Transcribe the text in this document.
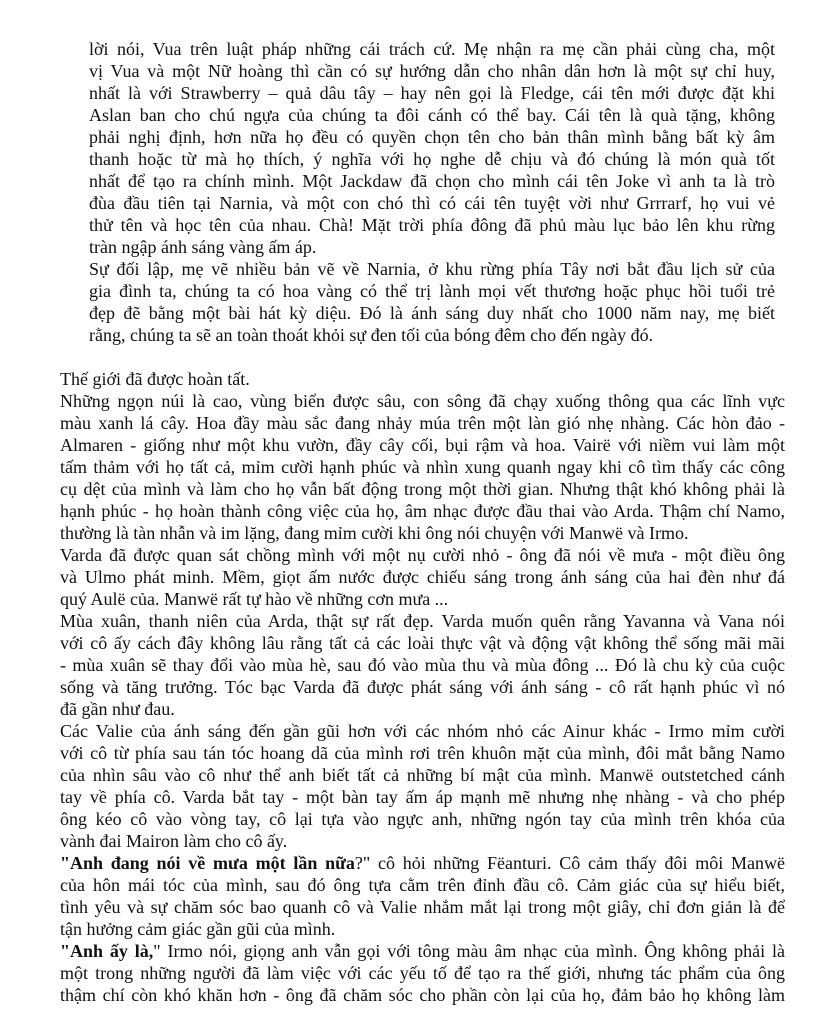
lời nói, Vua trên luật pháp những cái trách cứ. Mẹ nhận ra mẹ cần phải cùng cha, một
vị Vua và một Nữ hoàng thì cần có sự hướng dẫn cho nhân dân hơn là một sự chỉ huy,
nhất là với Strawberry – quả dâu tây – hay nên gọi là Fledge, cái tên mới được đặt khi
Aslan ban cho chú ngựa của chúng ta đôi cánh có thể bay. Cái tên là quà tặng, không
phải nghị định, hơn nữa họ đều có quyền chọn tên cho bản thân mình bằng bất kỳ âm
thanh hoặc từ mà họ thích, ý nghĩa với họ nghe dễ chịu và đó chúng là món quà tốt
nhất để tạo ra chính mình. Một Jackdaw đã chọn cho mình cái tên Joke vì anh ta là trò
đùa đầu tiên tại Narnia, và một con chó thì có cái tên tuyệt vời như Grrrarf, họ vui vẻ
thử tên và học tên của nhau. Chà! Mặt trời phía đông đã phủ màu lục bảo lên khu rừng
tràn ngập ánh sáng vàng ấm áp.
Sự đối lập, mẹ vẽ nhiều bản vẽ về Narnia, ở khu rừng phía Tây nơi bắt đầu lịch sử của
gia đình ta, chúng ta có hoa vàng có thể trị lành mọi vết thương hoặc phục hồi tuổi trẻ
đẹp đẽ bằng một bài hát kỳ diệu. Đó là ánh sáng duy nhất cho 1000 năm nay, mẹ biết
rằng, chúng ta sẽ an toàn thoát khỏi sự đen tối của bóng đêm cho đến ngày đó.
Thế giới đã được hoàn tất.
Những ngọn núi là cao, vùng biển được sâu, con sông đã chạy xuống thông qua các lĩnh vực
màu xanh lá cây. Hoa đầy màu sắc đang nhảy múa trên một làn gió nhẹ nhàng. Các hòn đảo -
Almaren - giống như một khu vườn, đầy cây cối, bụi rậm và hoa. Vairë với niềm vui làm một
tấm thảm với họ tất cả, mỉm cười hạnh phúc và nhìn xung quanh ngay khi cô tìm thấy các công
cụ dệt của mình và làm cho họ vẫn bất động trong một thời gian. Nhưng thật khó không phải là
hạnh phúc - họ hoàn thành công việc của họ, âm nhạc được đầu thai vào Arda. Thậm chí Namo,
thường là tàn nhẫn và im lặng, đang mỉm cười khi ông nói chuyện với Manwë và Irmo.
Varda đã được quan sát chồng mình với một nụ cười nhỏ - ông đã nói về mưa - một điều ông
và Ulmo phát minh. Mềm, giọt ấm nước được chiếu sáng trong ánh sáng của hai đèn như đá
quý Aulë của. Manwë rất tự hào về những cơn mưa ...
Mùa xuân, thanh niên của Arda, thật sự rất đẹp. Varda muốn quên rằng Yavanna và Vana nói
với cô ấy cách đây không lâu rằng tất cả các loài thực vật và động vật không thể sống mãi mãi
- mùa xuân sẽ thay đổi vào mùa hè, sau đó vào mùa thu và mùa đông ... Đó là chu kỳ của cuộc
sống và tăng trưởng. Tóc bạc Varda đã được phát sáng với ánh sáng - cô rất hạnh phúc vì nó
đã gần như đau.
Các Valie của ánh sáng đến gần gũi hơn với các nhóm nhỏ các Ainur khác - Irmo mỉm cười
với cô từ phía sau tán tóc hoang dã của mình rơi trên khuôn mặt của mình, đôi mắt bằng Namo
của nhìn sâu vào cô như thể anh biết tất cả những bí mật của mình. Manwë outstetched cánh
tay về phía cô. Varda bắt tay - một bàn tay ấm áp mạnh mẽ nhưng nhẹ nhàng - và cho phép
ông kéo cô vào vòng tay, cô lại tựa vào ngực anh, những ngón tay của mình trên khóa của
vành đai Mairon làm cho cô ấy.
"Anh đang nói về mưa một lần nữa?" cô hỏi những Fëanturi. Cô cảm thấy đôi môi Manwë
của hôn mái tóc của mình, sau đó ông tựa cằm trên đỉnh đầu cô. Cảm giác của sự hiểu biết,
tình yêu và sự chăm sóc bao quanh cô và Valie nhắm mắt lại trong một giây, chỉ đơn giản là để
tận hưởng cảm giác gần gũi của mình.
"Anh ấy là," Irmo nói, giọng anh vẫn gọi với tông màu âm nhạc của mình. Ông không phải là
một trong những người đã làm việc với các yếu tố để tạo ra thế giới, nhưng tác phẩm của ông
thậm chí còn khó khăn hơn - ông đã chăm sóc cho phần còn lại của họ, đảm bảo họ không làm
